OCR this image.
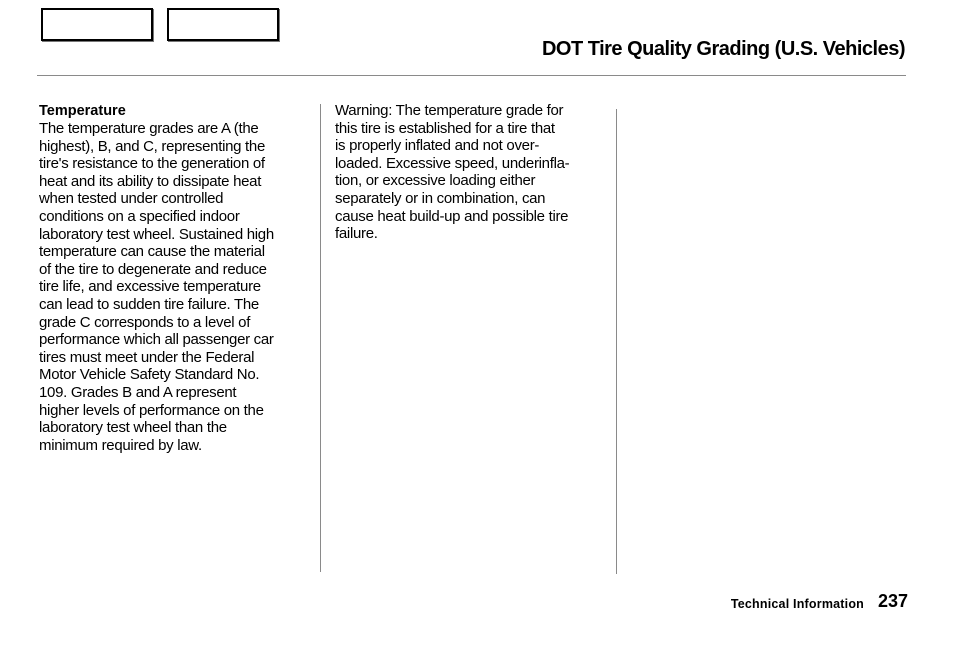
DOT Tire Quality Grading (U.S. Vehicles)
Temperature
The temperature grades are A (the
highest), B, and C, representing the
tire's resistance to the generation of
heat and its ability to dissipate heat
when tested under controlled
conditions on a specified indoor
laboratory test wheel. Sustained high
temperature can cause the material
of the tire to degenerate and reduce
tire life, and excessive temperature
can lead to sudden tire failure. The
grade C corresponds to a level of
performance which all passenger car
tires must meet under the Federal
Motor Vehicle Safety Standard No.
109. Grades B and A represent
higher levels of performance on the
laboratory test wheel than the
minimum required by law.
Warning: The temperature grade for
this tire is established for a tire that
is properly inflated and not over-
loaded. Excessive speed, underinfla-
tion, or excessive loading either
separately or in combination, can
cause heat build-up and possible tire
failure.
Technical Information 237
